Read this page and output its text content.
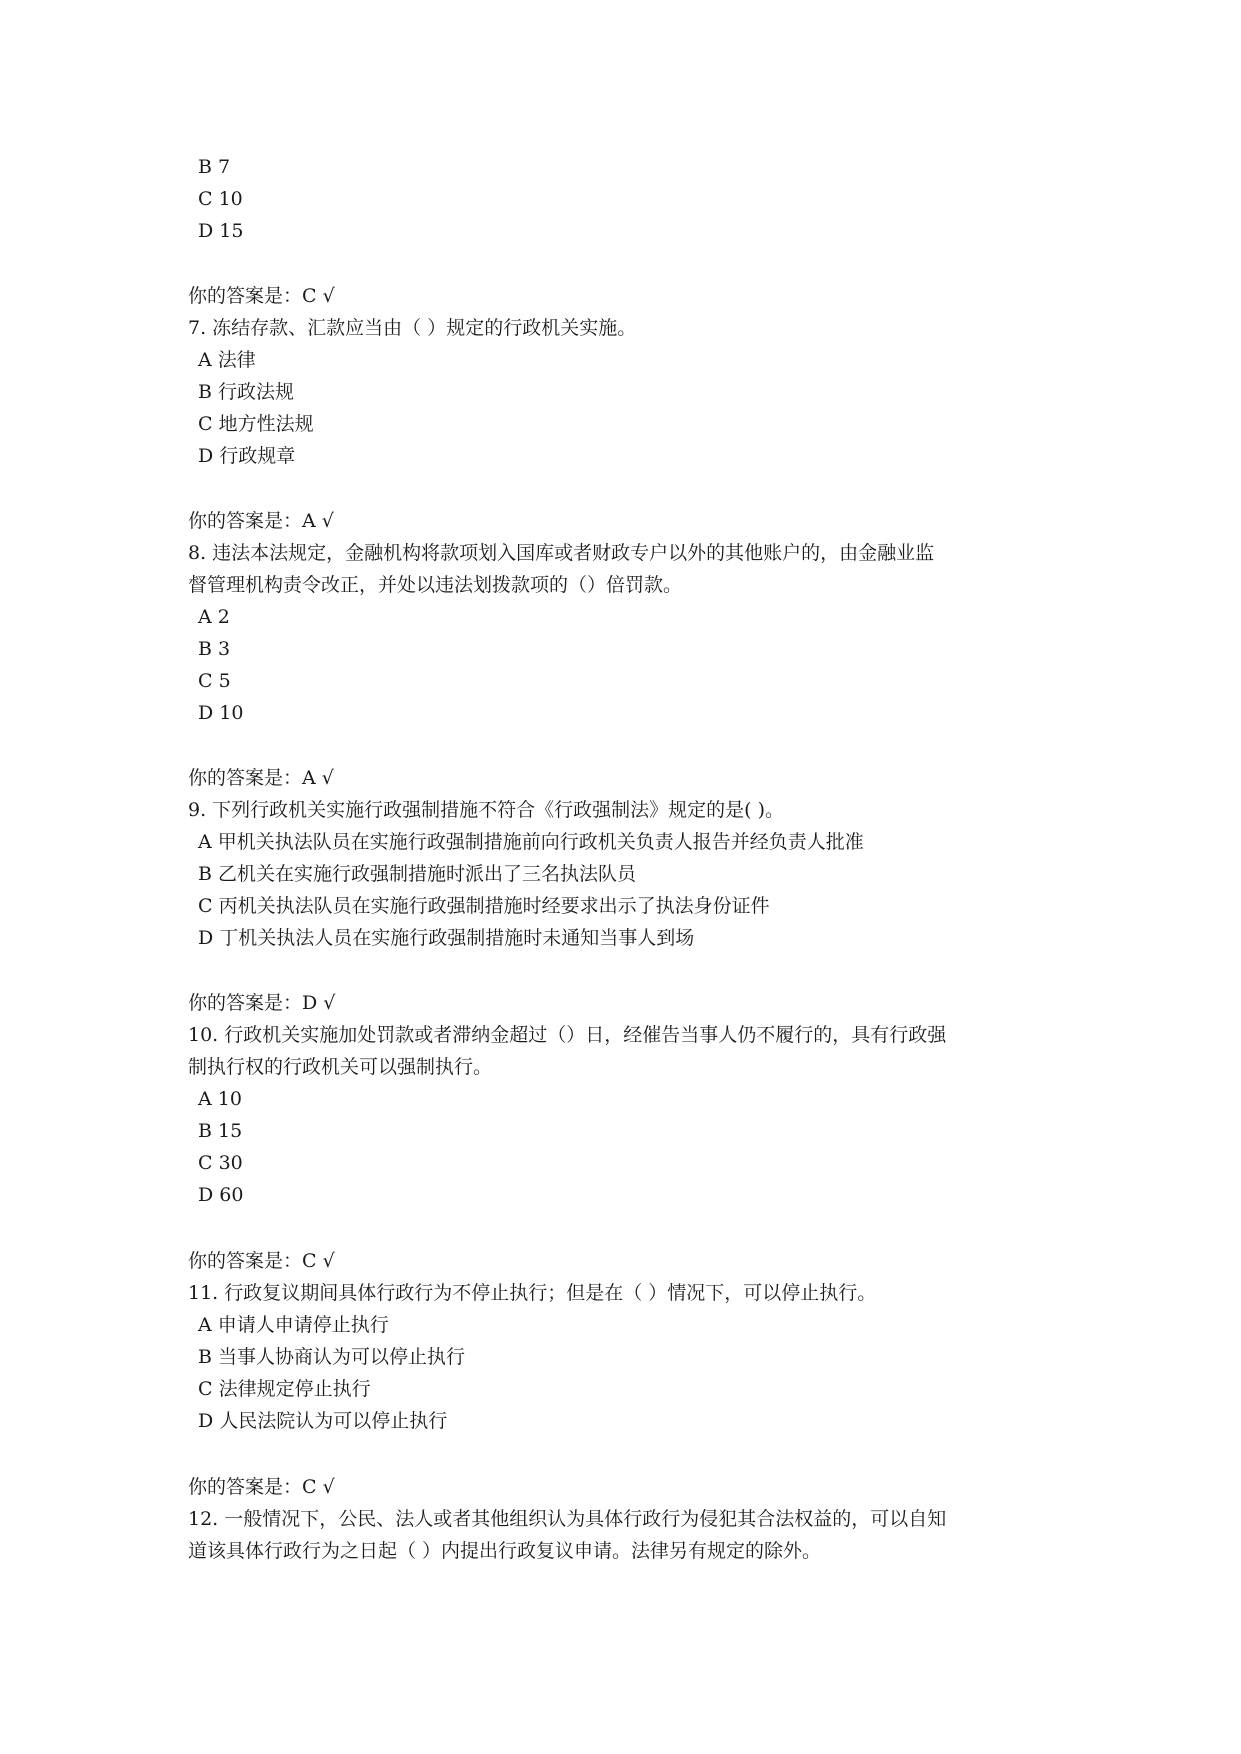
B 7
C 10
D 15
你的答案是：C √
7. 冻结存款、汇款应当由（ ）规定的行政机关实施。
A 法律
B 行政法规
C 地方性法规
D 行政规章
你的答案是：A √
8. 违法本法规定，金融机构将款项划入国库或者财政专户以外的其他账户的，由金融业监
督管理机构责令改正，并处以违法划拨款项的（）倍罚款。
A 2
B 3
C 5
D 10
你的答案是：A √
9. 下列行政机关实施行政强制措施不符合《行政强制法》规定的是( )。
A 甲机关执法队员在实施行政强制措施前向行政机关负责人报告并经负责人批准
B 乙机关在实施行政强制措施时派出了三名执法队员
C 丙机关执法队员在实施行政强制措施时经要求出示了执法身份证件
D 丁机关执法人员在实施行政强制措施时未通知当事人到场
你的答案是：D √
10. 行政机关实施加处罚款或者滞纳金超过（）日，经催告当事人仍不履行的，具有行政强
制执行权的行政机关可以强制执行。
A 10
B 15
C 30
D 60
你的答案是：C √
11. 行政复议期间具体行政行为不停止执行；但是在（ ）情况下，可以停止执行。
A 申请人申请停止执行
B 当事人协商认为可以停止执行
C 法律规定停止执行
D 人民法院认为可以停止执行
你的答案是：C √
12. 一般情况下，公民、法人或者其他组织认为具体行政行为侵犯其合法权益的，可以自知
道该具体行政行为之日起（ ）内提出行政复议申请。法律另有规定的除外。
